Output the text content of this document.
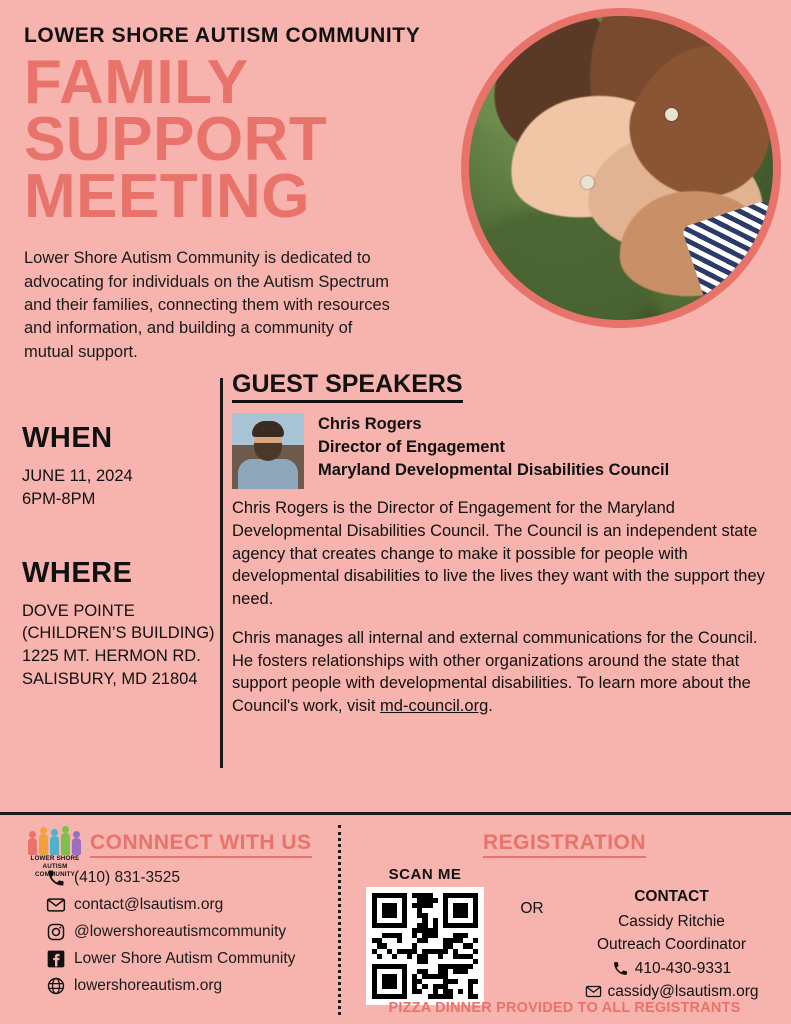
LOWER SHORE AUTISM COMMUNITY
FAMILY
SUPPORT
MEETING
Lower Shore Autism Community is dedicated to advocating for individuals on the Autism Spectrum and their families, connecting them with resources and information, and building a community of mutual support.
WHEN
JUNE 11, 2024
6PM-8PM
WHERE
DOVE POINTE
(CHILDREN’S BUILDING)
1225 MT. HERMON RD.
SALISBURY, MD 21804
GUEST SPEAKERS
Chris Rogers
Director of Engagement
Maryland Developmental Disabilities Council

Chris Rogers is the Director of Engagement for the Maryland Developmental Disabilities Council. The Council is an independent state agency that creates change to make it possible for people with developmental disabilities to live the lives they want with the support they need.

Chris manages all internal and external communications for the Council. He fosters relationships with other organizations around the state that support people with developmental disabilities. To learn more about the Council's work, visit md-council.org.

LOWER SHORE
AUTISM
COMMUNITY
CONNNECT WITH US
(410) 831-3525
contact@lsautism.org
@lowershoreautismcommunity
Lower Shore Autism Community
lowershoreautism.org
REGISTRATION
SCAN ME
OR
CONTACT
Cassidy Ritchie
Outreach Coordinator
410-430-9331
cassidy@lsautism.org
PIZZA DINNER PROVIDED TO ALL REGISTRANTS
